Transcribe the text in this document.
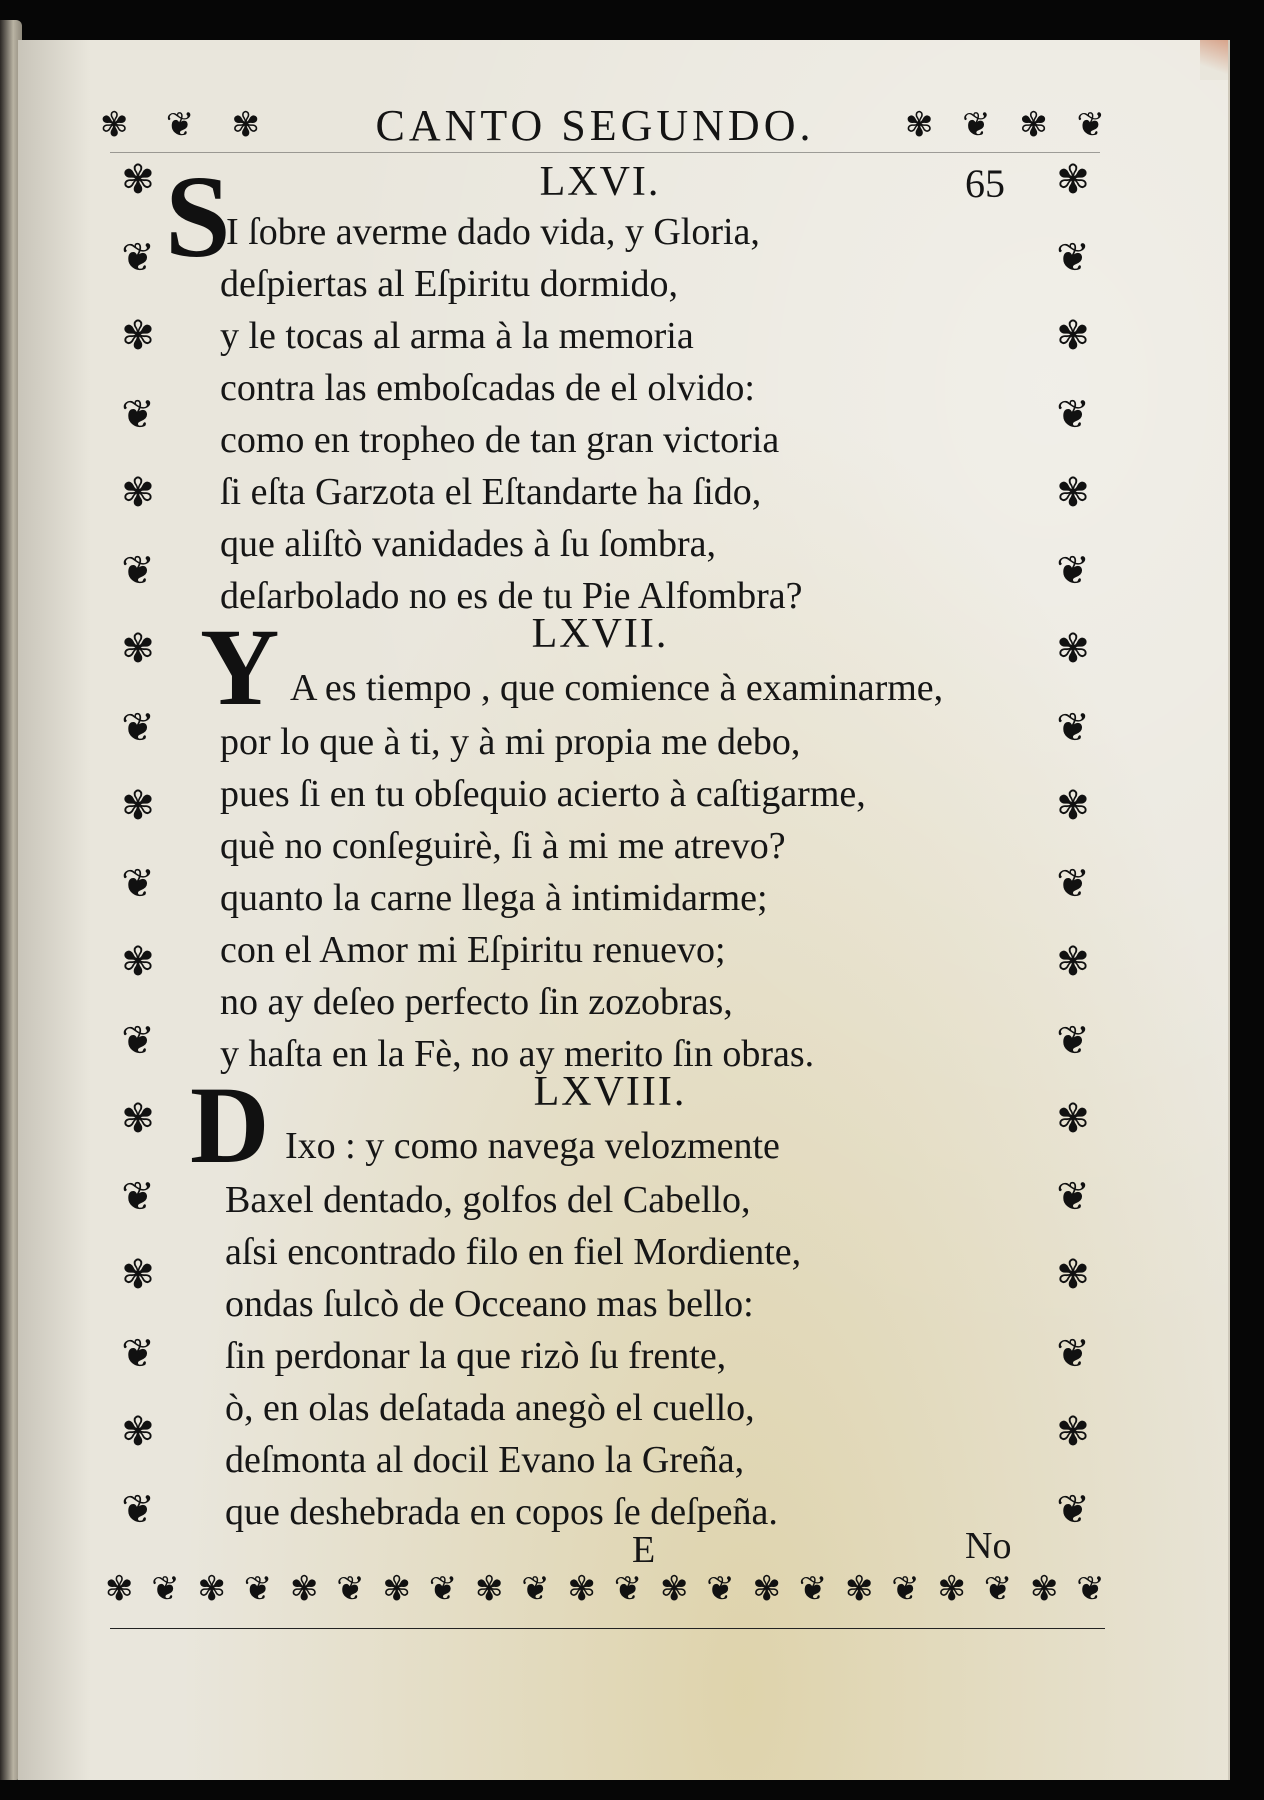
✾ ❦ ✾	✾ ❦ ✾ ❦
✾
❦
✾
❦
✾
❦
✾
❦
✾
❦
✾
❦
✾
❦
✾
❦
✾
❦
✾
❦
✾
❦
✾
❦
✾
❦
✾
❦
✾
❦
✾
❦
✾
❦
✾
❦
✾ ❦ ✾ ❦ ✾ ❦ ✾ ❦ ✾ ❦ ✾ ❦ ✾ ❦ ✾ ❦ ✾ ❦ ✾ ❦ ✾ ❦
CANTO SEGUNDO.
65
LXVI.
S
I ſobre averme dado vida, y Gloria,
deſpiertas al Eſpiritu dormido,
y le tocas al arma à la memoria
contra las emboſcadas de el olvido:
como en tropheo de tan gran victoria
ſi eſta Garzota el Eſtandarte ha ſido,
que aliſtò vanidades à ſu ſombra,
deſarbolado no es de tu Pie Alfombra?
LXVII.
Y A es tiempo , que comience à examinarme,
por lo que à ti, y à mi propia me debo,
pues ſi en tu obſequio acierto à caſtigarme,
què no conſeguirè, ſi à mi me atrevo?
quanto la carne llega à intimidarme;
con el Amor mi Eſpiritu renuevo;
no ay deſeo perfecto ſin zozobras,
y haſta en la Fè, no ay merito ſin obras.
LXVIII.
D Ixo : y como navega velozmente
Baxel dentado, golfos del Cabello,
aſsi encontrado filo en fiel Mordiente,
ondas ſulcò de Occeano mas bello:
ſin perdonar la que rizò ſu frente,
ò, en olas deſatada anegò el cuello,
deſmonta al docil Evano la Greña,
que deshebrada en copos ſe deſpeña.
E	No
